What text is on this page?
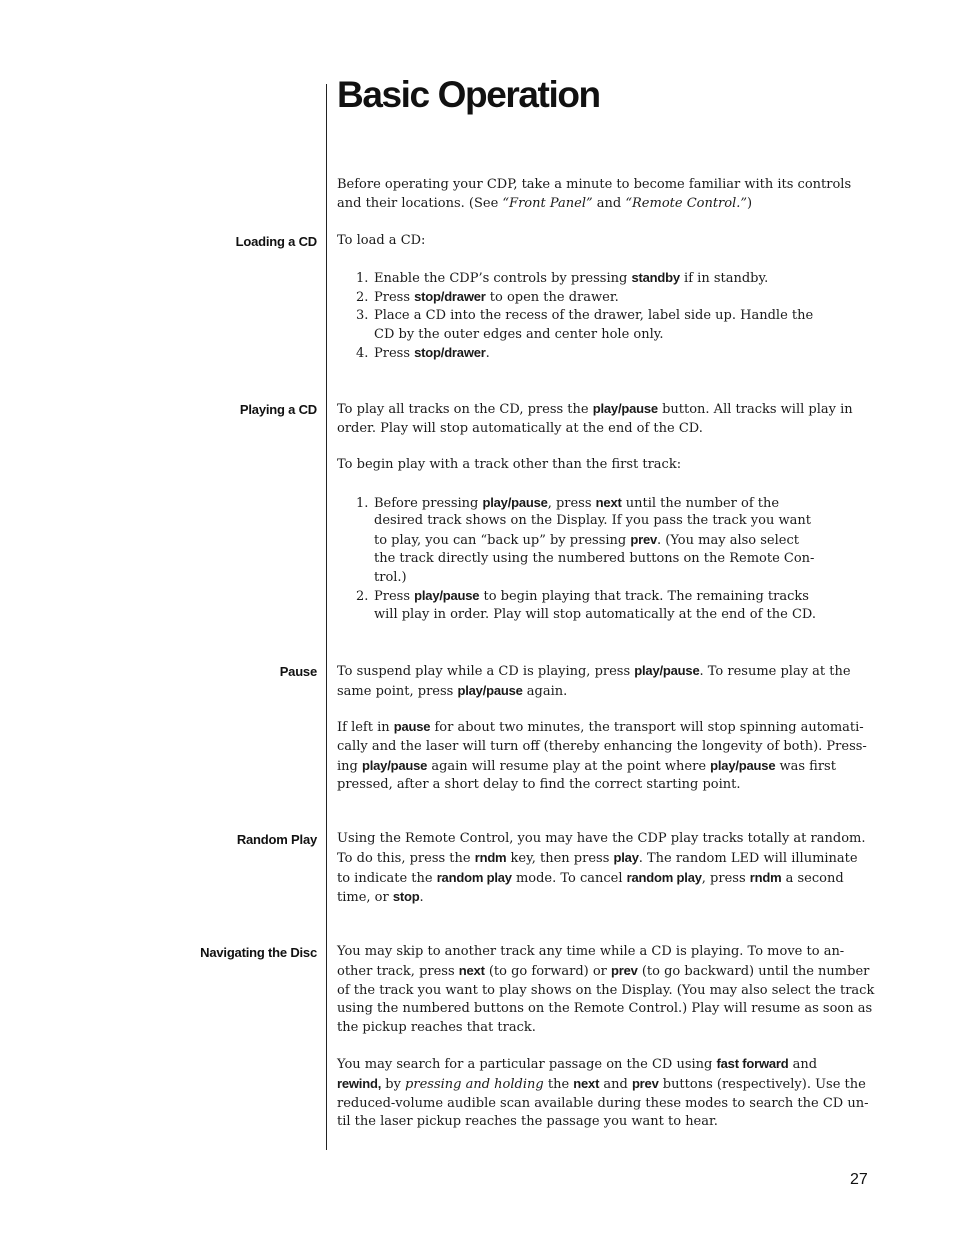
Basic Operation
Before operating your CDP, take a minute to become familiar with its controls
and their locations. (See “Front Panel” and “Remote Control.”)
Loading a CD To load a CD:
1. Enable the CDP’s controls by pressing standby if in standby.
2. Press stop/drawer to open the drawer.
3. Place a CD into the recess of the drawer, label side up. Handle the
CD by the outer edges and center hole only.
4. Press stop/drawer.
Playing a CD To play all tracks on the CD, press the play/pause button. All tracks will play in
order. Play will stop automatically at the end of the CD.
To begin play with a track other than the first track:
1. Before pressing play/pause, press next until the number of the
desired track shows on the Display. If you pass the track you want
to play, you can “back up” by pressing prev. (You may also select
the track directly using the numbered buttons on the Remote Con-
trol.)
2. Press play/pause to begin playing that track. The remaining tracks
will play in order. Play will stop automatically at the end of the CD.
Pause To suspend play while a CD is playing, press play/pause. To resume play at the
same point, press play/pause again.
If left in pause for about two minutes, the transport will stop spinning automati-
cally and the laser will turn off (thereby enhancing the longevity of both). Press-
ing play/pause again will resume play at the point where play/pause was first
pressed, after a short delay to find the correct starting point.
Random Play Using the Remote Control, you may have the CDP play tracks totally at random.
To do this, press the rndm key, then press play. The random LED will illuminate
to indicate the random play mode. To cancel random play, press rndm a second
time, or stop.
Navigating the Disc You may skip to another track any time while a CD is playing. To move to an-
other track, press next (to go forward) or prev (to go backward) until the number
of the track you want to play shows on the Display. (You may also select the track
using the numbered buttons on the Remote Control.) Play will resume as soon as
the pickup reaches that track.
You may search for a particular passage on the CD using fast forward and
rewind, by pressing and holding the next and prev buttons (respectively). Use the
reduced-volume audible scan available during these modes to search the CD un-
til the laser pickup reaches the passage you want to hear.
27
